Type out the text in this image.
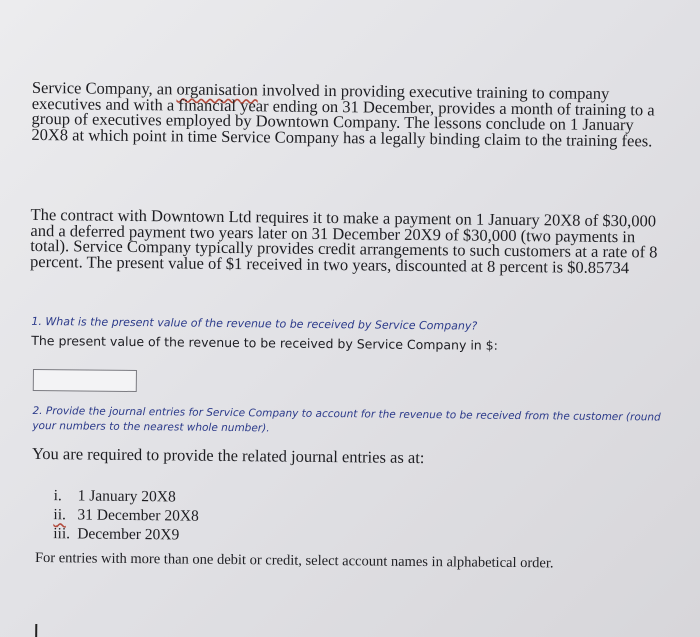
Service Company, an organisation involved in providing executive training to company executives and with a financial year ending on 31 December, provides a month of training to a group of executives employed by Downtown Company. The lessons conclude on 1 January 20X8 at which point in time Service Company has a legally binding claim to the training fees.

The contract with Downtown Ltd requires it to make a payment on 1 January 20X8 of $30,000 and a deferred payment two years later on 31 December 20X9 of $30,000 (two payments in total). Service Company typically provides credit arrangements to such customers at a rate of 8 percent. The present value of $1 received in two years, discounted at 8 percent is $0.85734

1. What is the present value of the revenue to be received by Service Company?

The present value of the revenue to be received by Service Company in $:

2. Provide the journal entries for Service Company to account for the revenue to be received from the customer (round your numbers to the nearest whole number).

You are required to provide the related journal entries as at:

i. 1 January 20X8
ii. 31 December 20X8
iii. December 20X9

For entries with more than one debit or credit, select account names in alphabetical order.
